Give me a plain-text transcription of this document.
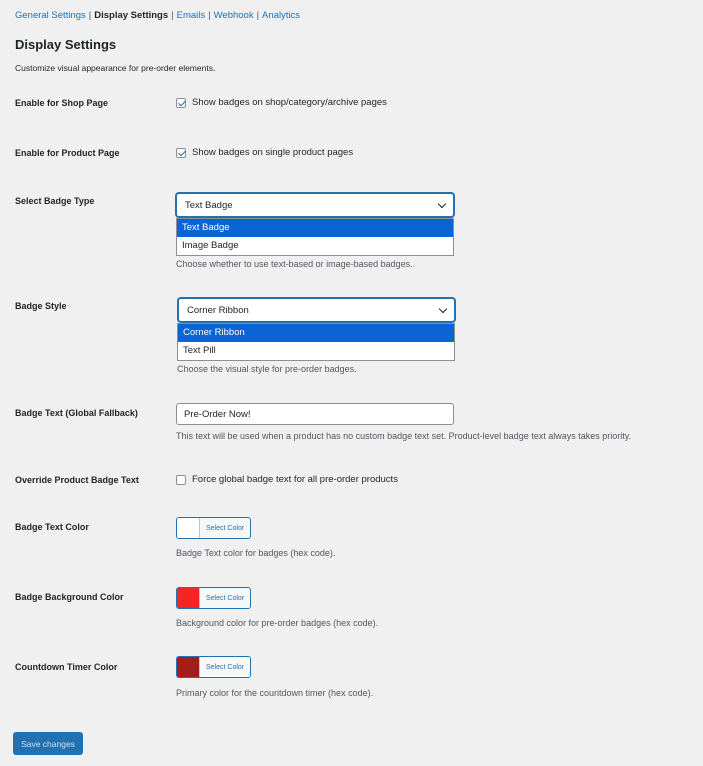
General Settings | Display Settings | Emails | Webhook | Analytics
Display Settings
Customize visual appearance for pre-order elements.
Enable for Shop Page	Show badges on shop/category/archive pages
Enable for Product Page	Show badges on single product pages
Select Badge Type	Text Badge
Text Badge
Image Badge
Choose whether to use text-based or image-based badges.
Badge Style	Corner Ribbon
Corner Ribbon
Text Pill
Choose the visual style for pre-order badges.
Badge Text (Global Fallback)	Pre-Order Now!
This text will be used when a product has no custom badge text set. Product-level badge text always takes priority.
Override Product Badge Text	Force global badge text for all pre-order products
Badge Text Color	Select Color
Badge Text color for badges (hex code).
Badge Background Color	Select Color
Background color for pre-order badges (hex code).
Countdown Timer Color	Select Color
Primary color for the countdown timer (hex code).
Save changes
